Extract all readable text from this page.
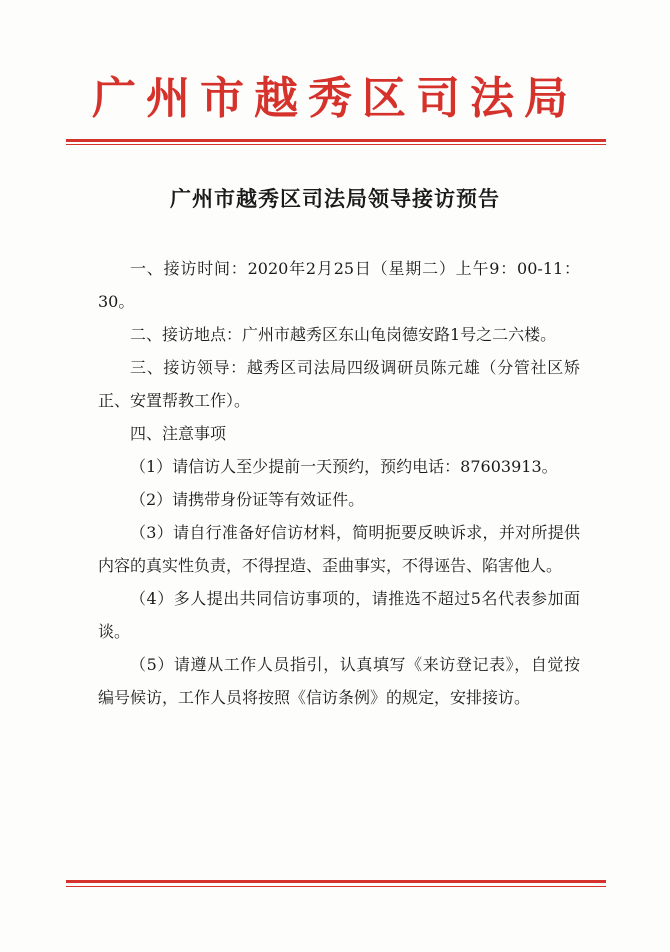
广州市越秀区司法局
广州市越秀区司法局领导接访预告

一、接访时间：2020年2月25日（星期二）上午9：00-11：30。

二、接访地点：广州市越秀区东山龟岗德安路1号之二六楼。

三、接访领导：越秀区司法局四级调研员陈元雄（分管社区矫正、安置帮教工作）。

四、注意事项

（1）请信访人至少提前一天预约，预约电话：87603913。

（2）请携带身份证等有效证件。

（3）请自行准备好信访材料，简明扼要反映诉求，并对所提供内容的真实性负责，不得捏造、歪曲事实，不得诬告、陷害他人。

（4）多人提出共同信访事项的，请推选不超过5名代表参加面谈。

（5）请遵从工作人员指引，认真填写《来访登记表》，自觉按编号候访，工作人员将按照《信访条例》的规定，安排接访。
